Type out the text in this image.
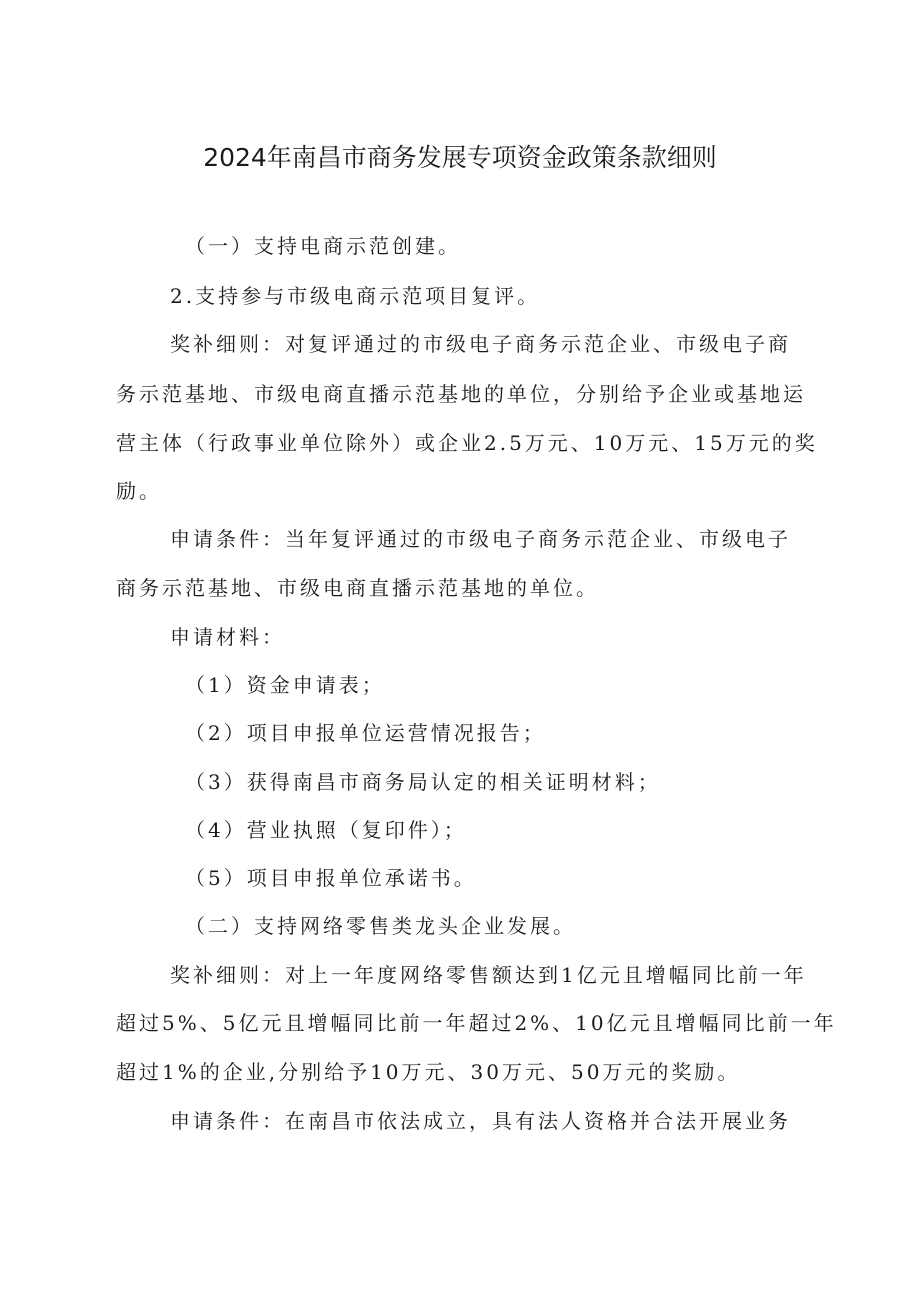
2024年南昌市商务发展专项资金政策条款细则
（一）支持电商示范创建。
2.支持参与市级电商示范项目复评。
奖补细则：对复评通过的市级电子商务示范企业、市级电子商
务示范基地、市级电商直播示范基地的单位，分别给予企业或基地运
营主体（行政事业单位除外）或企业2.5万元、10万元、15万元的奖
励。
申请条件：当年复评通过的市级电子商务示范企业、市级电子
商务示范基地、市级电商直播示范基地的单位。
申请材料：
（1）资金申请表；
（2）项目申报单位运营情况报告；
（3）获得南昌市商务局认定的相关证明材料；
（4）营业执照（复印件）；
（5）项目申报单位承诺书。
（二）支持网络零售类龙头企业发展。
奖补细则：对上一年度网络零售额达到1亿元且增幅同比前一年
超过5%、5亿元且增幅同比前一年超过2%、10亿元且增幅同比前一年
超过1%的企业,分别给予10万元、30万元、50万元的奖励。
申请条件：在南昌市依法成立，具有法人资格并合法开展业务
